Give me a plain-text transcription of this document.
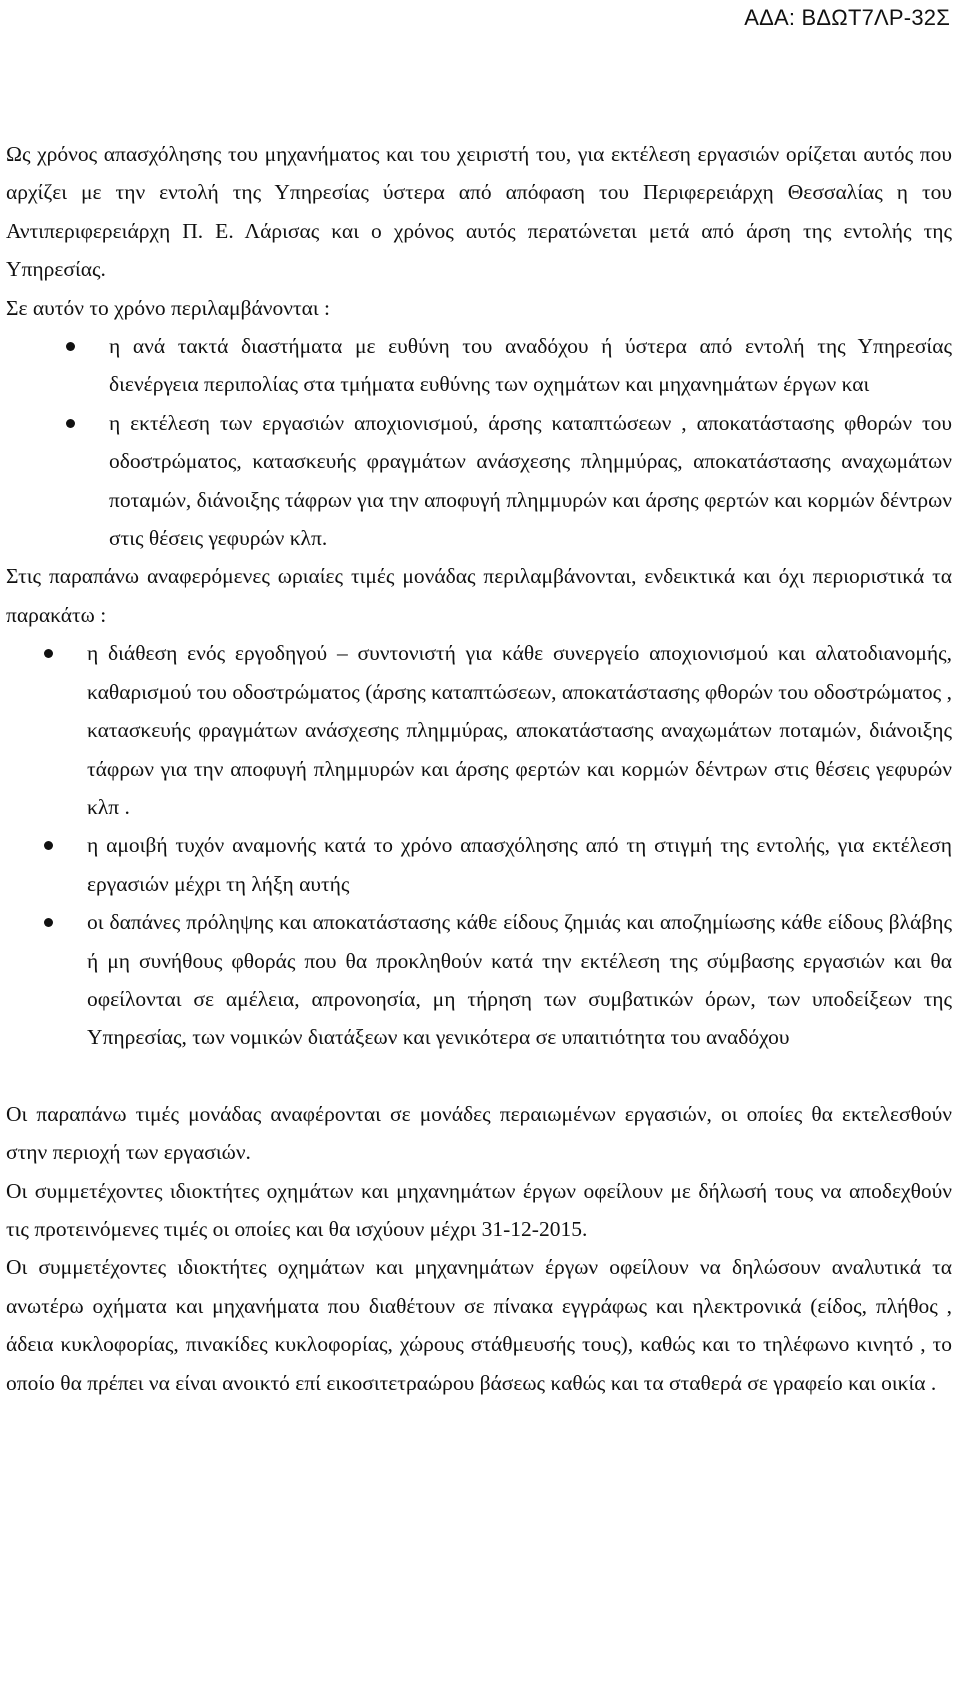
ΑΔΑ: ΒΔΩΤ7ΛΡ-32Σ

Ως χρόνος απασχόλησης του μηχανήματος και του χειριστή του, για εκτέλεση εργασιών ορίζεται αυτός που αρχίζει με την εντολή της Υπηρεσίας ύστερα από απόφαση του Περιφερειάρχη Θεσσαλίας η του Αντιπεριφερειάρχη Π. Ε. Λάρισας και ο χρόνος αυτός περατώνεται μετά από άρση της εντολής της Υπηρεσίας.

Σε αυτόν το χρόνο περιλαμβάνονται :

η ανά τακτά διαστήματα με ευθύνη του αναδόχου ή ύστερα από εντολή της Υπηρεσίας διενέργεια περιπολίας στα τμήματα ευθύνης των οχημάτων και μηχανημάτων έργων και
η εκτέλεση των εργασιών αποχιονισμού, άρσης καταπτώσεων , αποκατάστασης φθορών του οδοστρώματος, κατασκευής φραγμάτων ανάσχεσης πλημμύρας, αποκατάστασης αναχωμάτων ποταμών, διάνοιξης τάφρων για την αποφυγή πλημμυρών και άρσης φερτών και κορμών δέντρων στις θέσεις γεφυρών κλπ.

Στις παραπάνω αναφερόμενες ωριαίες τιμές μονάδας περιλαμβάνονται, ενδεικτικά και όχι περιοριστικά τα παρακάτω :

η διάθεση ενός εργοδηγού – συντονιστή για κάθε συνεργείο αποχιονισμού και αλατοδιανομής, καθαρισμού του οδοστρώματος (άρσης καταπτώσεων, αποκατάστασης φθορών του οδοστρώματος , κατασκευής φραγμάτων ανάσχεσης πλημμύρας, αποκατάστασης αναχωμάτων ποταμών, διάνοιξης τάφρων για την αποφυγή πλημμυρών και άρσης φερτών και κορμών δέντρων στις θέσεις γεφυρών κλπ .
η αμοιβή τυχόν αναμονής κατά το χρόνο απασχόλησης από τη στιγμή της εντολής, για εκτέλεση εργασιών μέχρι τη λήξη αυτής
οι δαπάνες πρόληψης και αποκατάστασης κάθε είδους ζημιάς και αποζημίωσης κάθε είδους βλάβης ή μη συνήθους φθοράς που θα προκληθούν κατά την εκτέλεση της σύμβασης εργασιών και θα οφείλονται σε αμέλεια, απρονοησία, μη τήρηση των συμβατικών όρων, των υποδείξεων της Υπηρεσίας, των νομικών διατάξεων και γενικότερα σε υπαιτιότητα του αναδόχου

Οι παραπάνω τιμές μονάδας αναφέρονται σε μονάδες περαιωμένων εργασιών, οι οποίες θα εκτελεσθούν στην περιοχή των εργασιών.

Οι συμμετέχοντες ιδιοκτήτες οχημάτων και μηχανημάτων έργων οφείλουν με δήλωσή τους να αποδεχθούν τις προτεινόμενες τιμές οι οποίες και θα ισχύουν μέχρι 31-12-2015.

Οι συμμετέχοντες ιδιοκτήτες οχημάτων και μηχανημάτων έργων οφείλουν να δηλώσουν αναλυτικά τα ανωτέρω οχήματα και μηχανήματα που διαθέτουν σε πίνακα εγγράφως και ηλεκτρονικά (είδος, πλήθος , άδεια κυκλοφορίας, πινακίδες κυκλοφορίας, χώρους στάθμευσής τους), καθώς και το τηλέφωνο κινητό , το οποίο θα πρέπει να είναι ανοικτό επί εικοσιτετραώρου βάσεως καθώς και τα σταθερά σε γραφείο και οικία .
